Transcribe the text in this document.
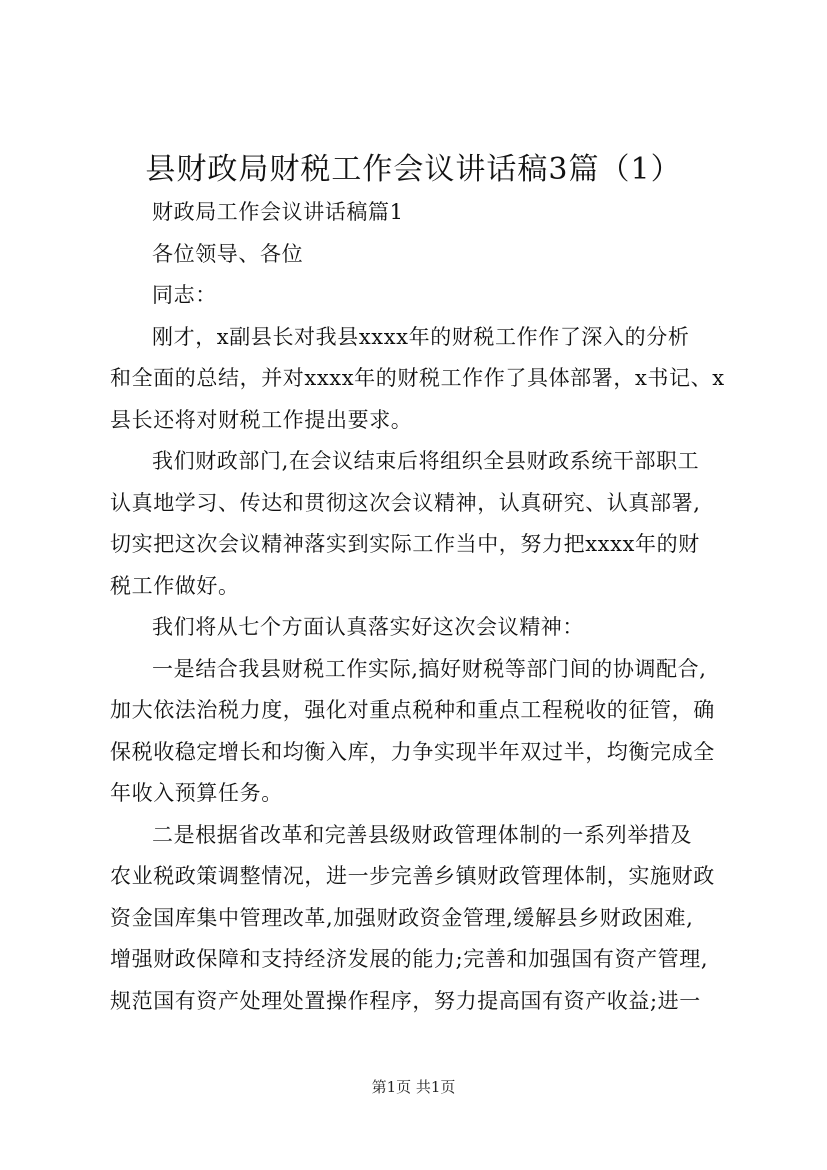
县财政局财税工作会议讲话稿3篇（1）
财政局工作会议讲话稿篇1
各位领导、各位
同志：
刚才，x副县长对我县xxxx年的财税工作作了深入的分析
和全面的总结，并对xxxx年的财税工作作了具体部署，x书记、x
县长还将对财税工作提出要求。
我们财政部门,在会议结束后将组织全县财政系统干部职工
认真地学习、传达和贯彻这次会议精神，认真研究、认真部署,
切实把这次会议精神落实到实际工作当中，努力把xxxx年的财
税工作做好。
我们将从七个方面认真落实好这次会议精神：
一是结合我县财税工作实际,搞好财税等部门间的协调配合,
加大依法治税力度，强化对重点税种和重点工程税收的征管，确
保税收稳定增长和均衡入库，力争实现半年双过半，均衡完成全
年收入预算任务。
二是根据省改革和完善县级财政管理体制的一系列举措及
农业税政策调整情况，进一步完善乡镇财政管理体制，实施财政
资金国库集中管理改革,加强财政资金管理,缓解县乡财政困难,
增强财政保障和支持经济发展的能力;完善和加强国有资产管理,
规范国有资产处理处置操作程序，努力提高国有资产收益;进一
第1页 共1页
